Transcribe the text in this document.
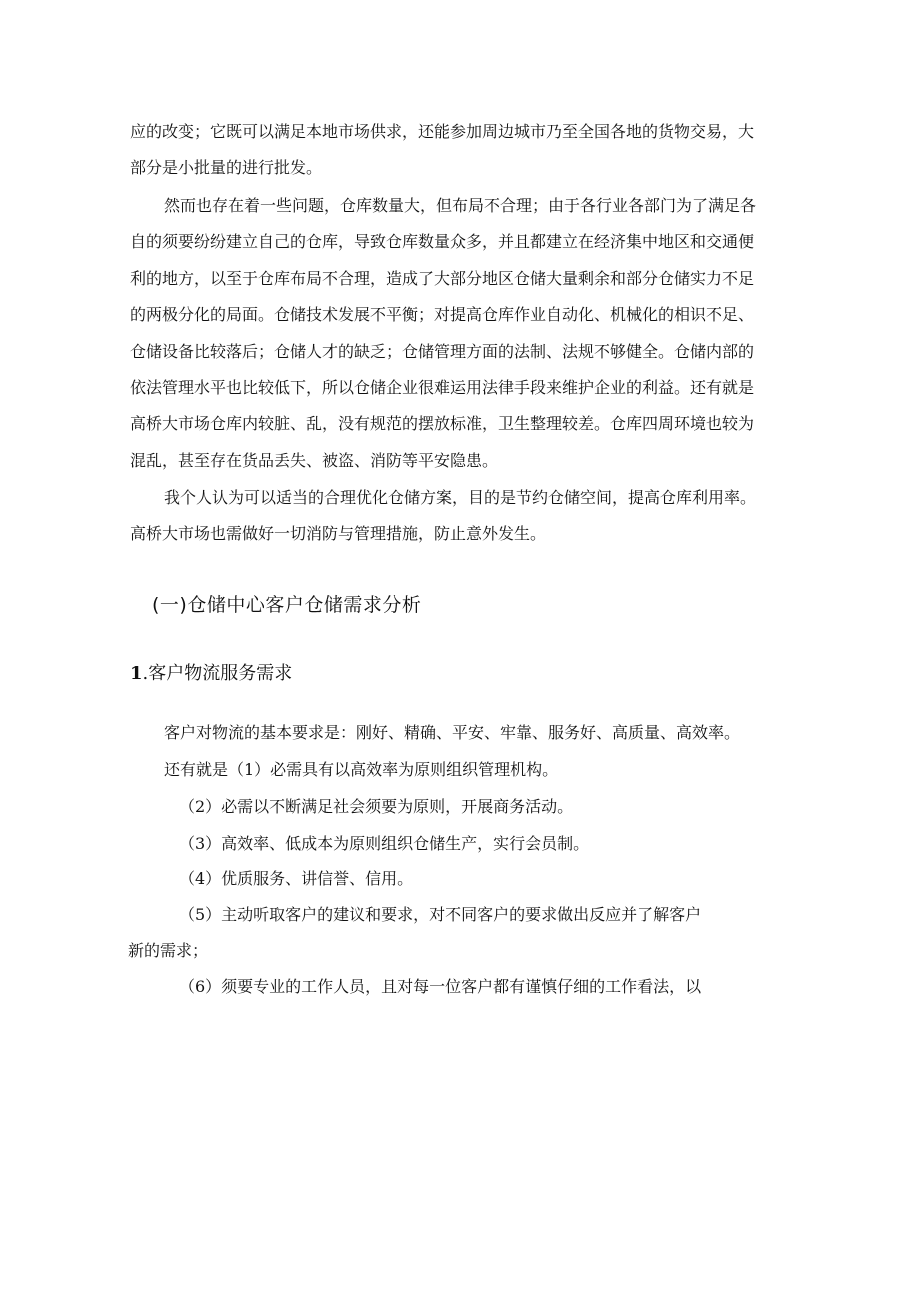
应的改变；它既可以满足本地市场供求，还能参加周边城市乃至全国各地的货物交易，大
部分是小批量的进行批发。
然而也存在着一些问题，仓库数量大，但布局不合理；由于各行业各部门为了满足各
自的须要纷纷建立自己的仓库，导致仓库数量众多，并且都建立在经济集中地区和交通便
利的地方，以至于仓库布局不合理，造成了大部分地区仓储大量剩余和部分仓储实力不足
的两极分化的局面。仓储技术发展不平衡；对提高仓库作业自动化、机械化的相识不足、
仓储设备比较落后；仓储人才的缺乏；仓储管理方面的法制、法规不够健全。仓储内部的
依法管理水平也比较低下，所以仓储企业很难运用法律手段来维护企业的利益。还有就是
高桥大市场仓库内较脏、乱，没有规范的摆放标准，卫生整理较差。仓库四周环境也较为
混乱，甚至存在货品丢失、被盗、消防等平安隐患。
我个人认为可以适当的合理优化仓储方案，目的是节约仓储空间，提高仓库利用率。
高桥大市场也需做好一切消防与管理措施，防止意外发生。
(一)仓储中心客户仓储需求分析
1.客户物流服务需求
客户对物流的基本要求是：刚好、精确、平安、牢靠、服务好、高质量、高效率。
还有就是（1）必需具有以高效率为原则组织管理机构。
（2）必需以不断满足社会须要为原则，开展商务活动。
（3）高效率、低成本为原则组织仓储生产，实行会员制。
（4）优质服务、讲信誉、信用。
（5）主动听取客户的建议和要求，对不同客户的要求做出反应并了解客户
新的需求；
（6）须要专业的工作人员，且对每一位客户都有谨慎仔细的工作看法，以
